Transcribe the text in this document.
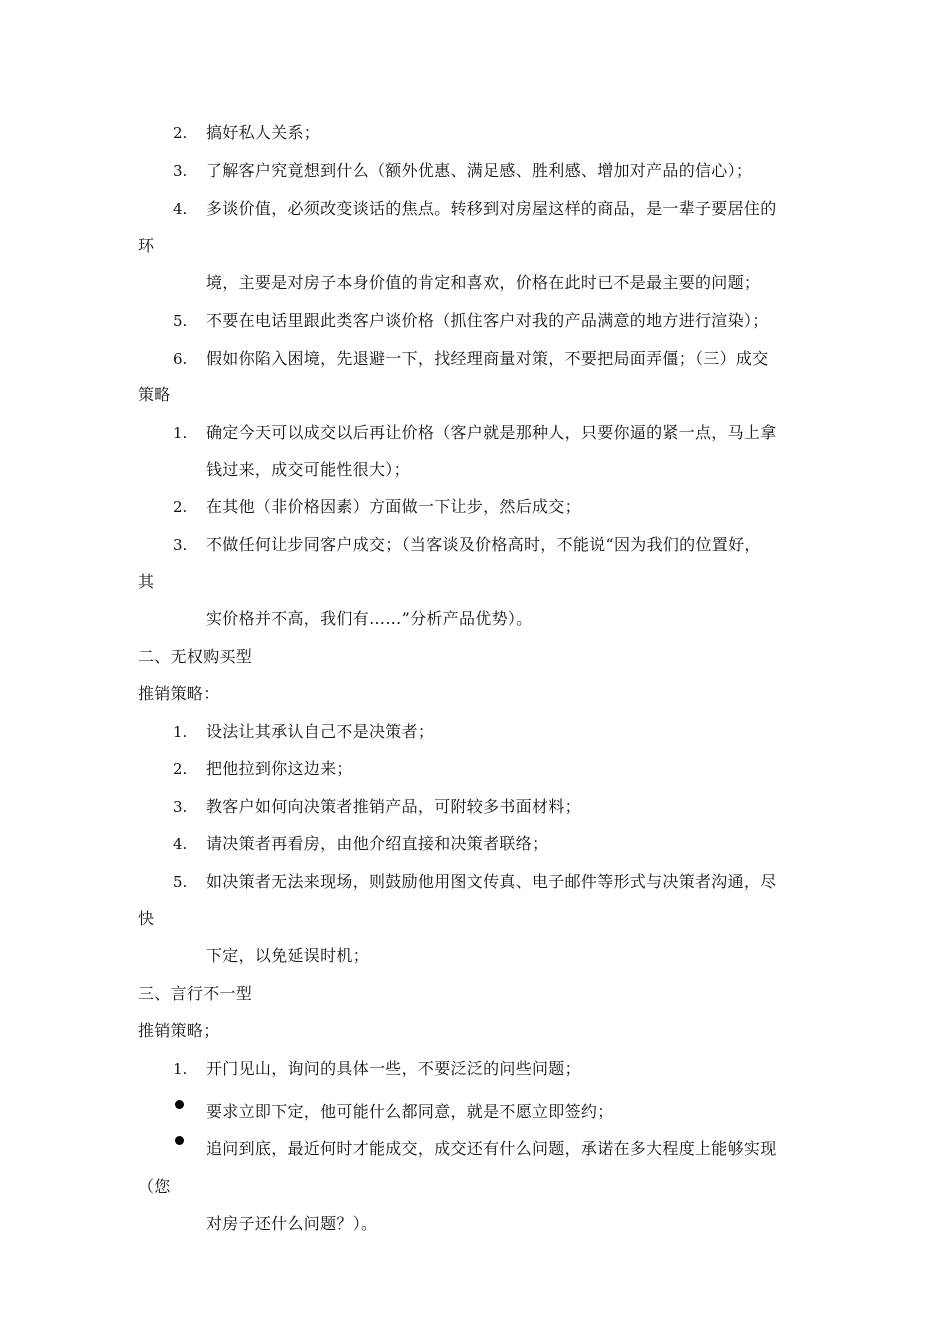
2. 搞好私人关系；
3. 了解客户究竟想到什么（额外优惠、满足感、胜利感、增加对产品的信心）；
4. 多谈价值，必须改变谈话的焦点。转移到对房屋这样的商品，是一辈子要居住的
环
境，主要是对房子本身价值的肯定和喜欢，价格在此时已不是最主要的问题；
5. 不要在电话里跟此类客户谈价格（抓住客户对我的产品满意的地方进行渲染）；
6. 假如你陷入困境，先退避一下，找经理商量对策，不要把局面弄僵；（三）成交
策略
1. 确定今天可以成交以后再让价格（客户就是那种人，只要你逼的紧一点，马上拿
钱过来，成交可能性很大）；
2. 在其他（非价格因素）方面做一下让步，然后成交；
3. 不做任何让步同客户成交；（当客谈及价格高时，不能说“因为我们的位置好，
其
实价格并不高，我们有……”分析产品优势）。
二、无权购买型
推销策略：
1. 设法让其承认自己不是决策者；
2. 把他拉到你这边来；
3. 教客户如何向决策者推销产品，可附较多书面材料；
4. 请决策者再看房，由他介绍直接和决策者联络；
5. 如决策者无法来现场，则鼓励他用图文传真、电子邮件等形式与决策者沟通，尽
快
下定，以免延误时机；
三、言行不一型
推销策略；
1. 开门见山，询问的具体一些，不要泛泛的问些问题；
要求立即下定，他可能什么都同意，就是不愿立即签约；
追问到底，最近何时才能成交，成交还有什么问题，承诺在多大程度上能够实现
（您
对房子还什么问题？）。
